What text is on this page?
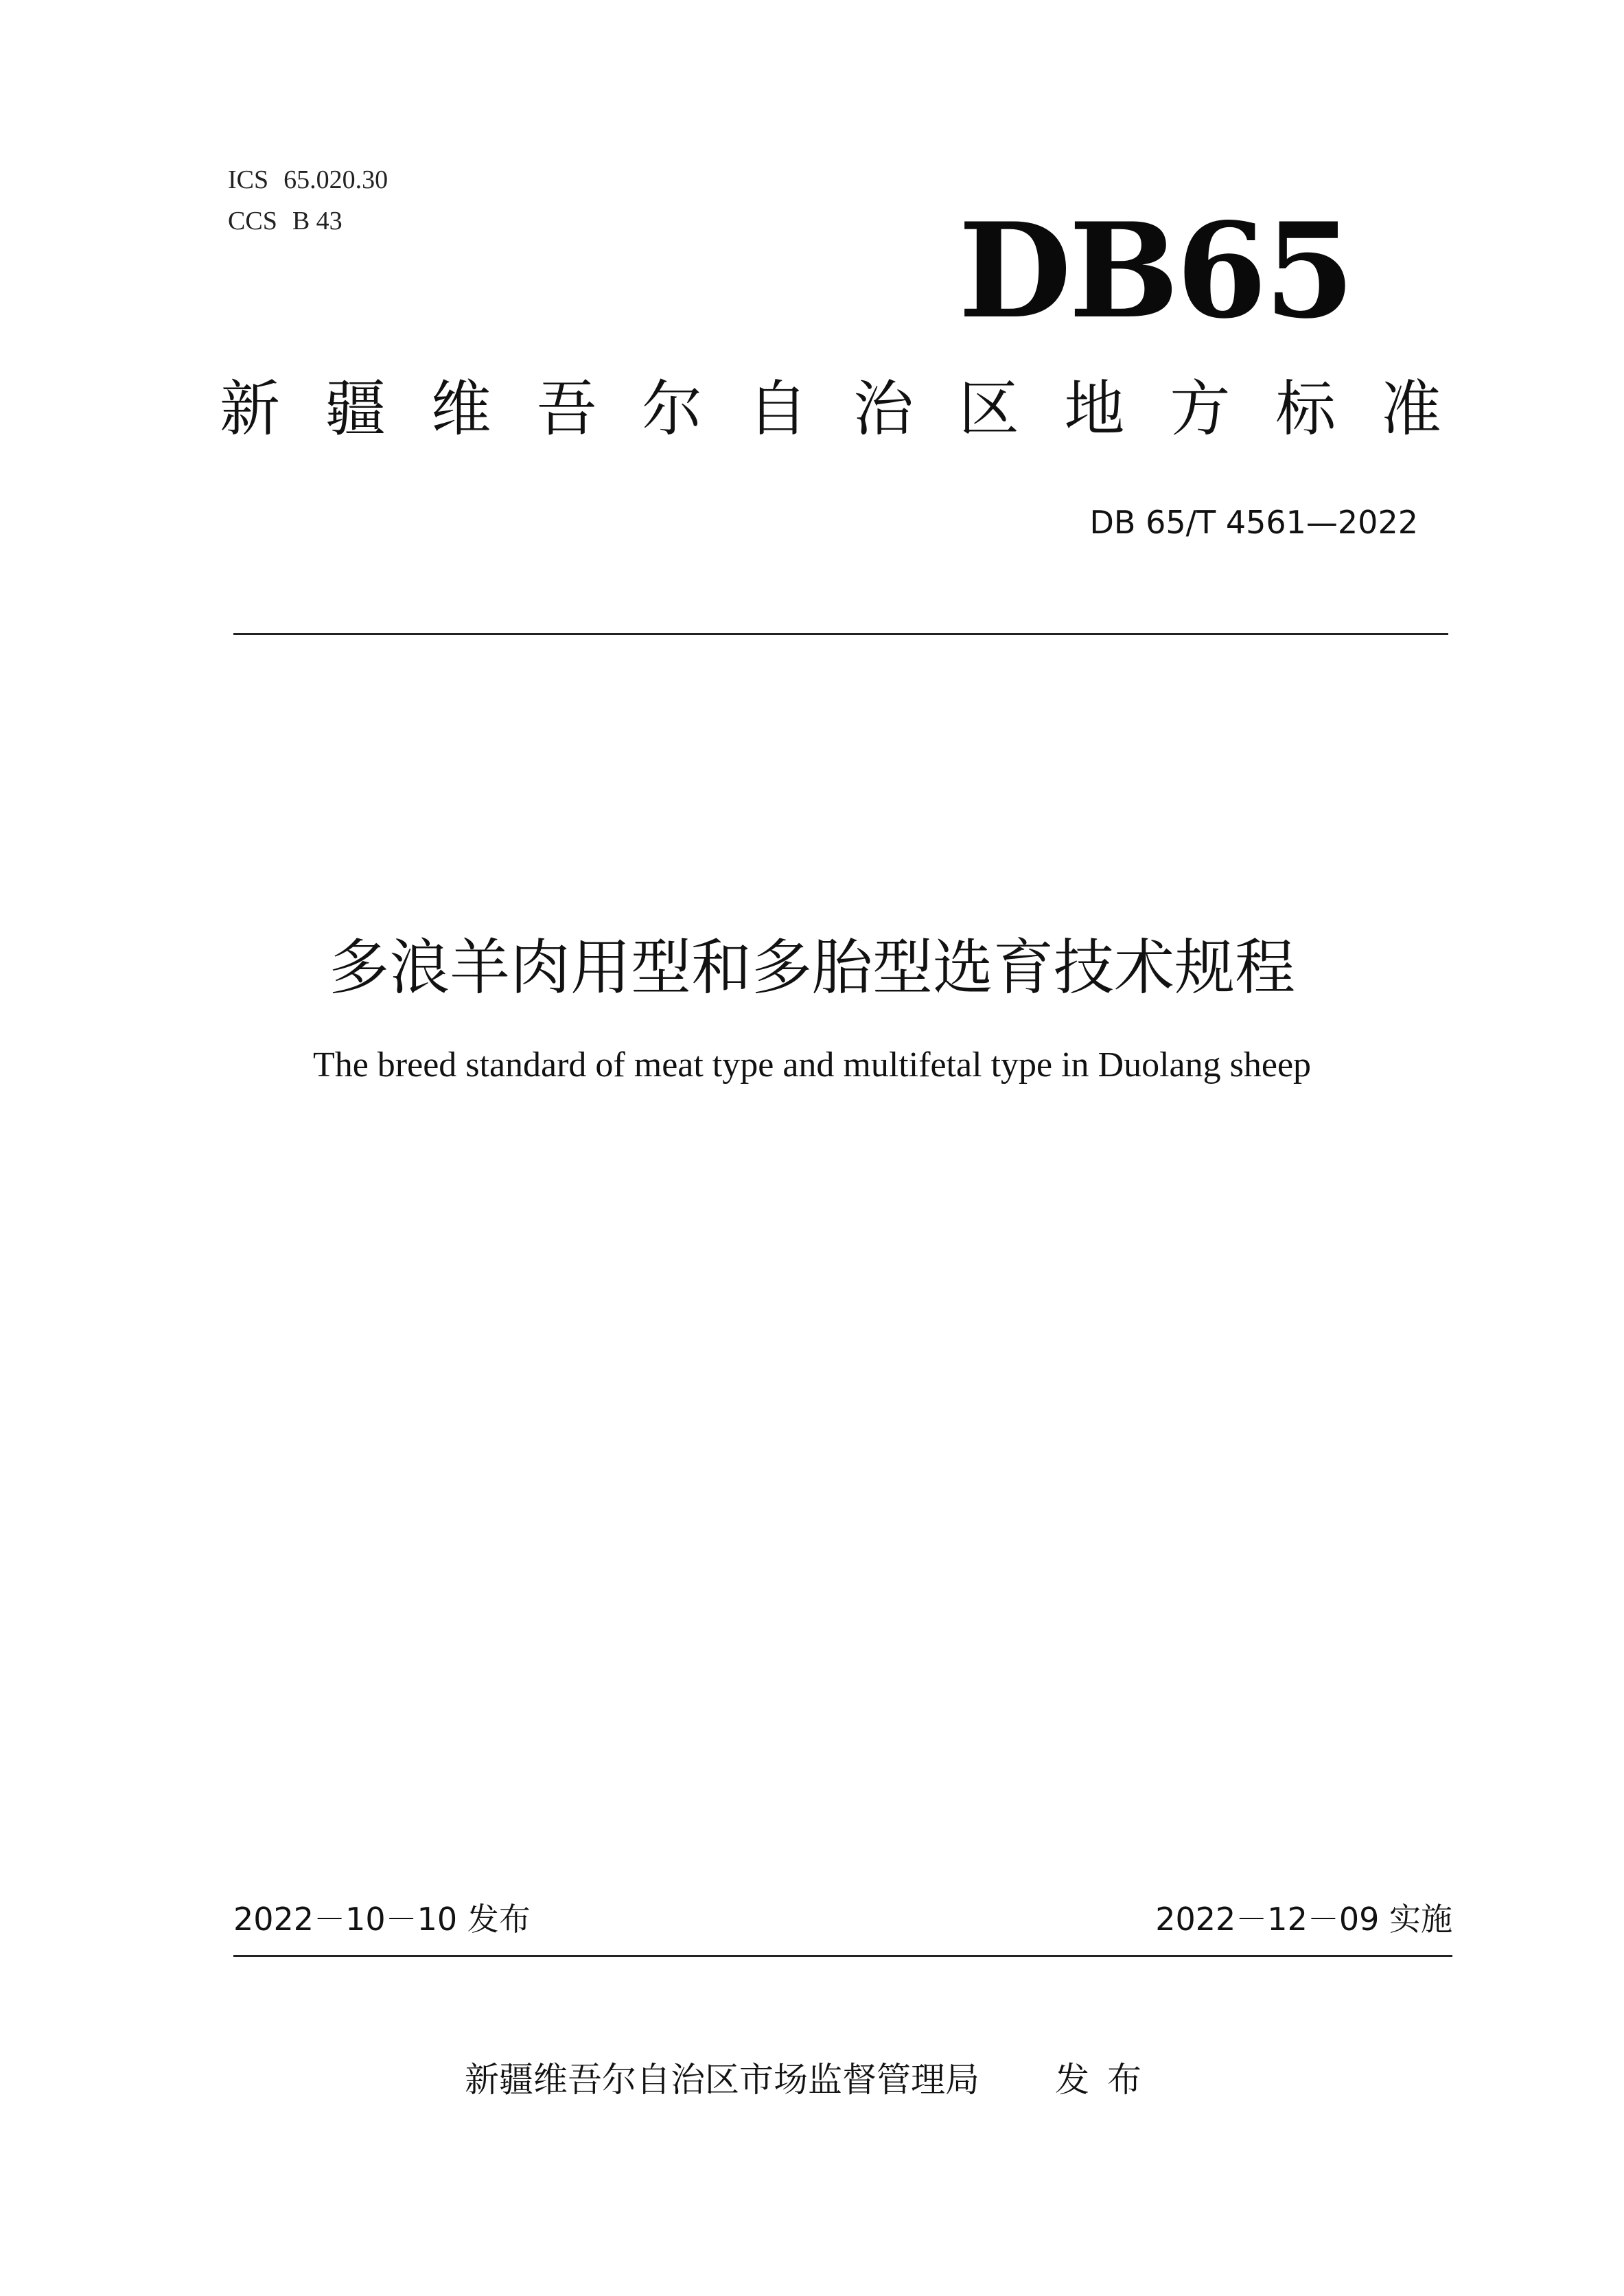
ICS 65.020.30
CCS B 43	DB65
新 疆 维 吾 尔 自 治 区 地 方 标 准
DB 65/T 4561—2022
多浪羊肉用型和多胎型选育技术规程
The breed standard of meat type and multifetal type in Duolang sheep
2022－10－10 发布	2022－12－09 实施
新疆维吾尔自治区市场监督管理局 发布
